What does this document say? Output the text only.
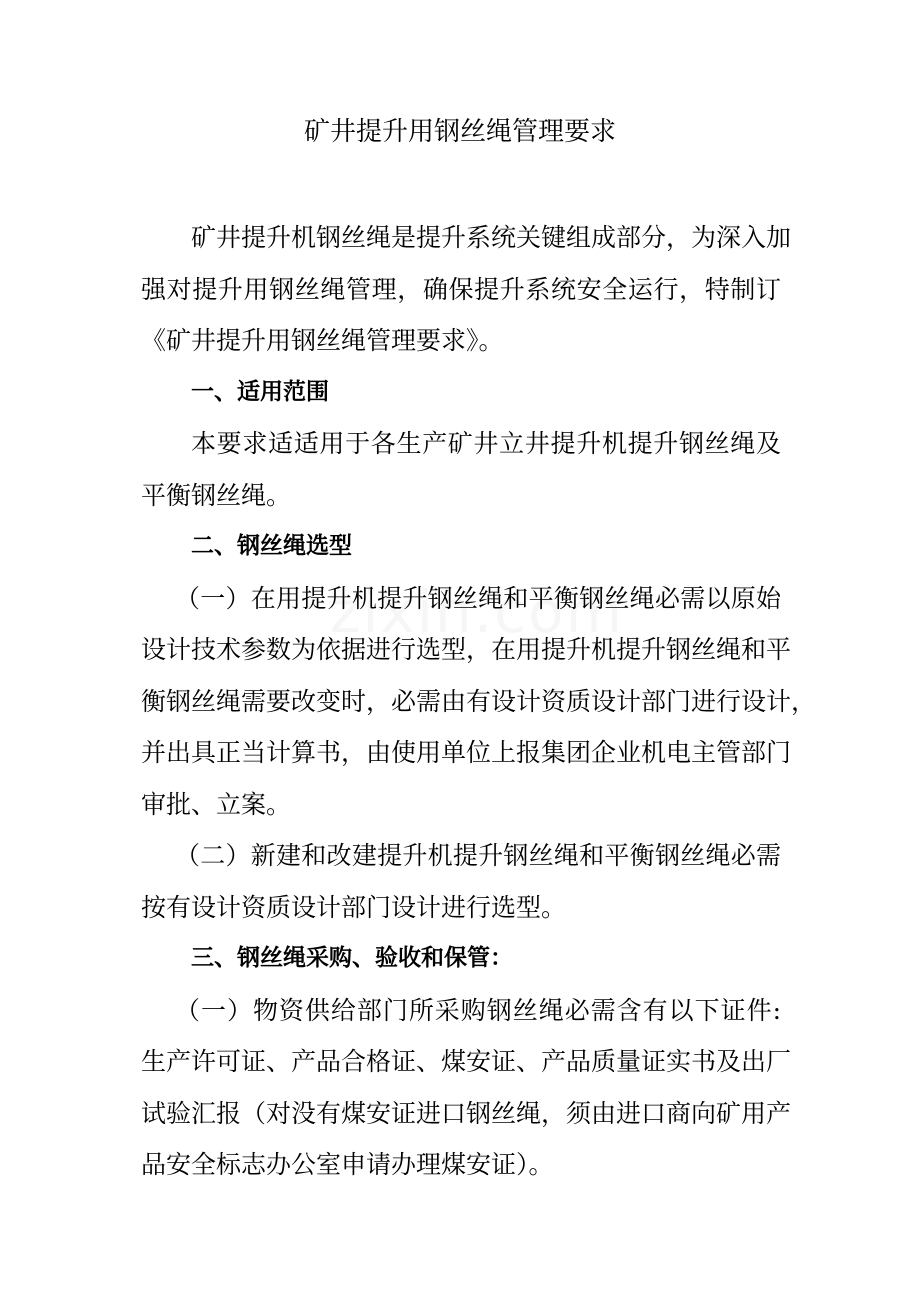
矿井提升用钢丝绳管理要求

矿井提升机钢丝绳是提升系统关键组成部分，为深入加
强对提升用钢丝绳管理，确保提升系统安全运行，特制订
《矿井提升用钢丝绳管理要求》。

一、适用范围

本要求适适用于各生产矿井立井提升机提升钢丝绳及
平衡钢丝绳。

二、钢丝绳选型

（一）在用提升机提升钢丝绳和平衡钢丝绳必需以原始
设计技术参数为依据进行选型，在用提升机提升钢丝绳和平
衡钢丝绳需要改变时，必需由有设计资质设计部门进行设计，
并出具正当计算书，由使用单位上报集团企业机电主管部门
审批、立案。

（二）新建和改建提升机提升钢丝绳和平衡钢丝绳必需
按有设计资质设计部门设计进行选型。

三、钢丝绳采购、验收和保管：

（一）物资供给部门所采购钢丝绳必需含有以下证件:
生产许可证、产品合格证、煤安证、产品质量证实书及出厂
试验汇报（对没有煤安证进口钢丝绳，须由进口商向矿用产
品安全标志办公室申请办理煤安证）。
